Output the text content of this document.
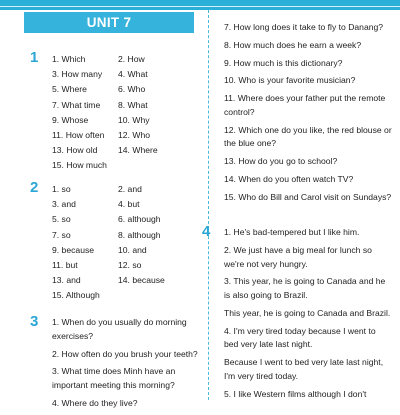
UNIT 7
1 1. Which	2. How
3. How many	4. What
5. Where	6. Who
7. What time	8. What
9. Whose	10. Why
11. How often	12. Who
13. How old	14. Where
15. How much
2 1. so	2. and
3. and	4. but
5. so	6. although
7. so	8. although
9. because	10. and
11. but	12. so
13. and	14. because
15. Although
3 1. When do you usually do morning exercises?
2. How often do you brush your teeth?
3. What time does Minh have an important meeting this morning?
4. Where do they live?
7. How long does it take to fly to Danang?
8. How much does he earn a week?
9. How much is this dictionary?
10. Who is your favorite musician?
11. Where does your father put the remote control?
12. Which one do you like, the red blouse or the blue one?
13. How do you go to school?
14. When do you often watch TV?
15. Who do Bill and Carol visit on Sundays?
4 1. He's bad-tempered but I like him.
2. We just have a big meal for lunch so we're not very hungry.
3. This year, he is going to Canada and he is also going to Brazil.
This year, he is going to Canada and Brazil.
4. I'm very tired today because I went to bed very late last night.
Because I went to bed very late last night, I'm very tired today.
5. I like Western films although I don't
